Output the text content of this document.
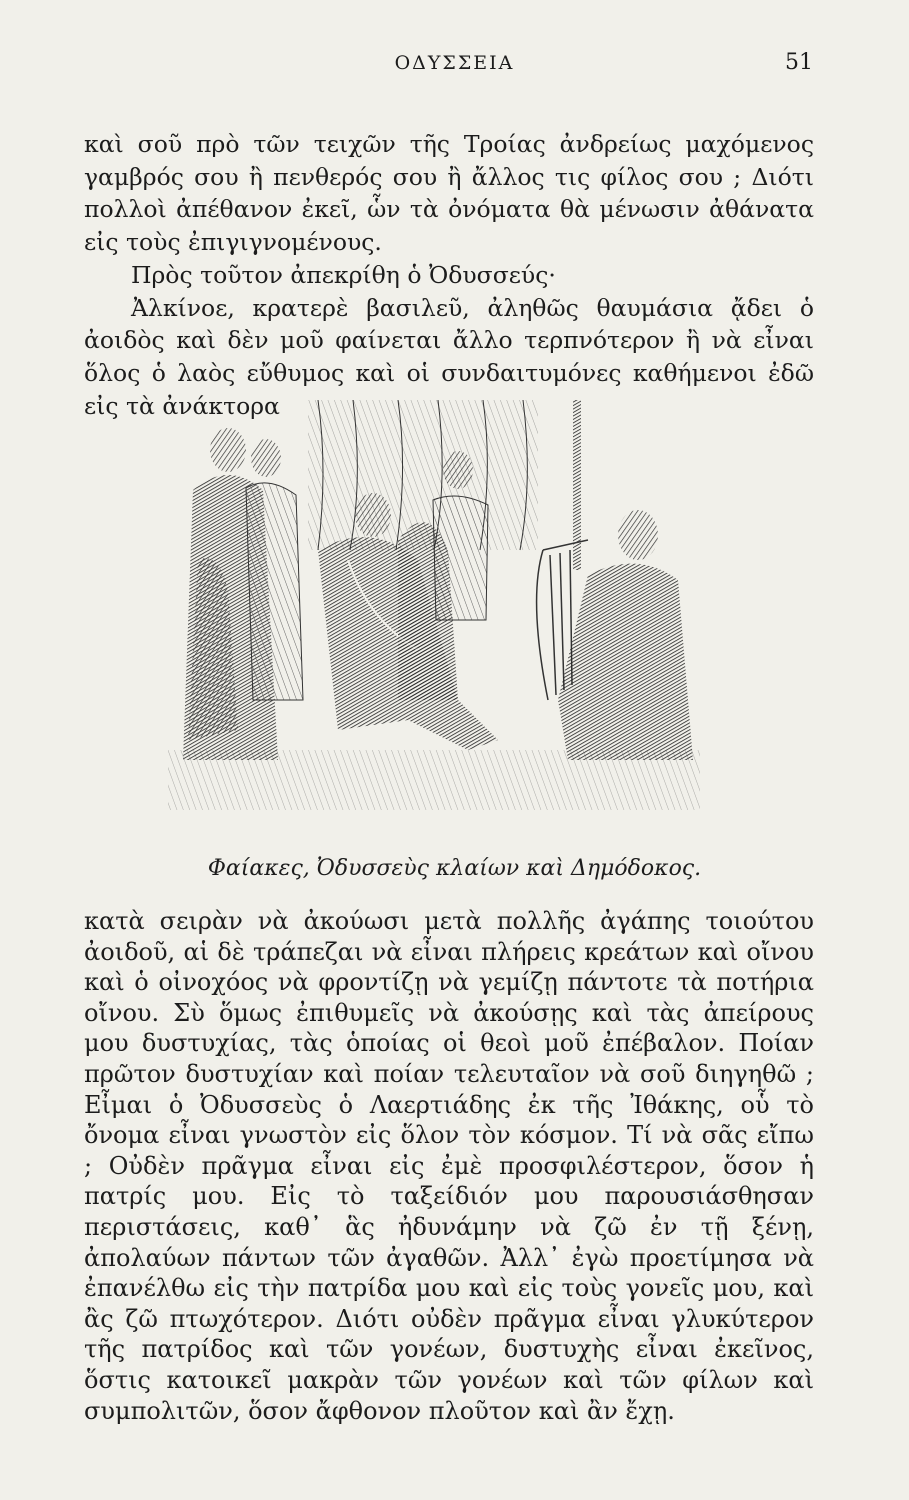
ΟΔΥΣΣΕΙΑ	51

καὶ σοῦ πρὸ τῶν τειχῶν τῆς Τροίας ἀνδρείως μαχόμενος γαμβρός σου ἢ πενθερός σου ἢ ἄλλος τις φίλος σου ; Διότι πολλοὶ ἀπέθανον ἐκεῖ, ὧν τὰ ὀνόματα θὰ μένωσιν ἀθάνατα εἰς τοὺς ἐπιγιγνομένους.

Πρὸς τοῦτον ἀπεκρίθη ὁ Ὀδυσσεύς·

Ἀλκίνοε, κρατερὲ βασιλεῦ, ἀληθῶς θαυμάσια ᾄδει ὁ ἀοιδὸς καὶ δὲν μοῦ φαίνεται ἄλλο τερπνότερον ἢ νὰ εἶναι ὅλος ὁ λαὸς εὔθυμος καὶ οἱ συνδαιτυμόνες καθήμενοι ἐδῶ εἰς τὰ ἀνάκτορα

Φαίακες, Ὀδυσσεὺς κλαίων καὶ Δημόδοκος.

κατὰ σειρὰν νὰ ἀκούωσι μετὰ πολλῆς ἀγάπης τοιούτου ἀοιδοῦ, αἱ δὲ τράπεζαι νὰ εἶναι πλήρεις κρεάτων καὶ οἴνου καὶ ὁ οἰνοχόος νὰ φροντίζῃ νὰ γεμίζῃ πάντοτε τὰ ποτήρια οἴνου. Σὺ ὅμως ἐπιθυμεῖς νὰ ἀκούσῃς καὶ τὰς ἀπείρους μου δυστυχίας, τὰς ὁποίας οἱ θεοὶ μοῦ ἐπέβαλον. Ποίαν πρῶτον δυστυχίαν καὶ ποίαν τελευταῖον νὰ σοῦ διηγηθῶ ; Εἶμαι ὁ Ὀδυσσεὺς ὁ Λαερτιάδης ἐκ τῆς Ἰθάκης, οὗ τὸ ὄνομα εἶναι γνωστὸν εἰς ὅλον τὸν κόσμον. Τί νὰ σᾶς εἴπω ; Οὐδὲν πρᾶγμα εἶναι εἰς ἐμὲ προσφιλέστερον, ὅσον ἡ πατρίς μου. Εἰς τὸ ταξείδιόν μου παρουσιάσθησαν περιστάσεις, καθ᾽ ἃς ἠδυνάμην νὰ ζῶ ἐν τῇ ξένῃ, ἀπολαύων πάντων τῶν ἀγαθῶν. Ἀλλ᾽ ἐγὼ προετίμησα νὰ ἐπανέλθω εἰς τὴν πατρίδα μου καὶ εἰς τοὺς γονεῖς μου, καὶ ἂς ζῶ πτωχότερον. Διότι οὐδὲν πρᾶγμα εἶναι γλυκύτερον τῆς πατρίδος καὶ τῶν γονέων, δυστυχὴς εἶναι ἐκεῖνος, ὅστις κατοικεῖ μακρὰν τῶν γονέων καὶ τῶν φίλων καὶ συμπολιτῶν, ὅσον ἄφθονον πλοῦτον καὶ ἂν ἔχῃ.
